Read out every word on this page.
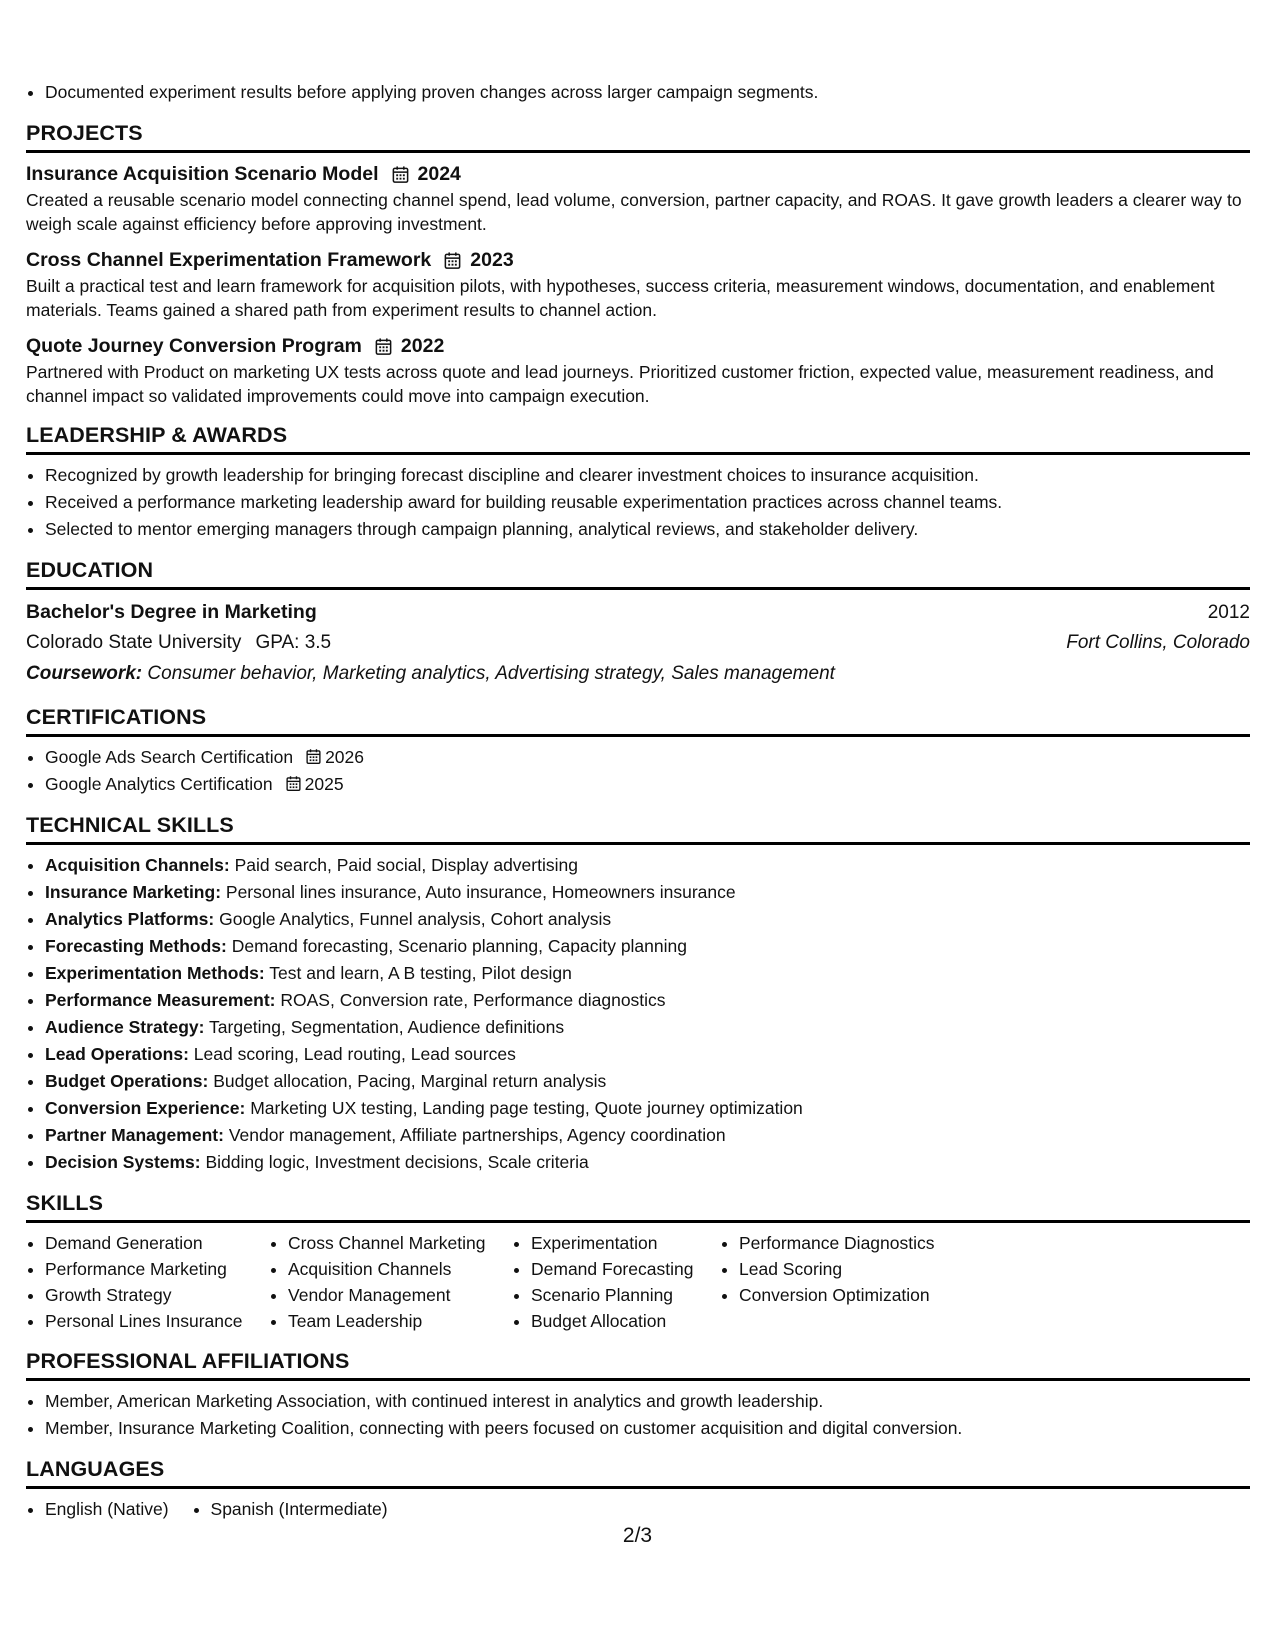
• Documented experiment results before applying proven changes across larger campaign segments.
PROJECTS
Insurance Acquisition Scenario Model 2024
Created a reusable scenario model connecting channel spend, lead volume, conversion, partner capacity, and ROAS. It gave growth leaders a clearer way to weigh scale against efficiency before approving investment.
Cross Channel Experimentation Framework 2023
Built a practical test and learn framework for acquisition pilots, with hypotheses, success criteria, measurement windows, documentation, and enablement materials. Teams gained a shared path from experiment results to channel action.
Quote Journey Conversion Program 2022
Partnered with Product on marketing UX tests across quote and lead journeys. Prioritized customer friction, expected value, measurement readiness, and channel impact so validated improvements could move into campaign execution.
LEADERSHIP & AWARDS
• Recognized by growth leadership for bringing forecast discipline and clearer investment choices to insurance acquisition.
• Received a performance marketing leadership award for building reusable experimentation practices across channel teams.
• Selected to mentor emerging managers through campaign planning, analytical reviews, and stakeholder delivery.
EDUCATION
Bachelor's Degree in Marketing	2012
Colorado State University GPA: 3.5	Fort Collins, Colorado
Coursework: Consumer behavior, Marketing analytics, Advertising strategy, Sales management
CERTIFICATIONS
• Google Ads Search Certification 2026
• Google Analytics Certification 2025
TECHNICAL SKILLS
• Acquisition Channels: Paid search, Paid social, Display advertising
• Insurance Marketing: Personal lines insurance, Auto insurance, Homeowners insurance
• Analytics Platforms: Google Analytics, Funnel analysis, Cohort analysis
• Forecasting Methods: Demand forecasting, Scenario planning, Capacity planning
• Experimentation Methods: Test and learn, A B testing, Pilot design
• Performance Measurement: ROAS, Conversion rate, Performance diagnostics
• Audience Strategy: Targeting, Segmentation, Audience definitions
• Lead Operations: Lead scoring, Lead routing, Lead sources
• Budget Operations: Budget allocation, Pacing, Marginal return analysis
• Conversion Experience: Marketing UX testing, Landing page testing, Quote journey optimization
• Partner Management: Vendor management, Affiliate partnerships, Agency coordination
• Decision Systems: Bidding logic, Investment decisions, Scale criteria
SKILLS
• Demand Generation
• Performance Marketing
• Growth Strategy
• Personal Lines Insurance
• Cross Channel Marketing
• Acquisition Channels
• Vendor Management
• Team Leadership
• Experimentation
• Demand Forecasting
• Scenario Planning
• Budget Allocation
• Performance Diagnostics
• Lead Scoring
• Conversion Optimization
PROFESSIONAL AFFILIATIONS
• Member, American Marketing Association, with continued interest in analytics and growth leadership.
• Member, Insurance Marketing Coalition, connecting with peers focused on customer acquisition and digital conversion.
LANGUAGES
• English (Native)
• Spanish (Intermediate)
2/3
